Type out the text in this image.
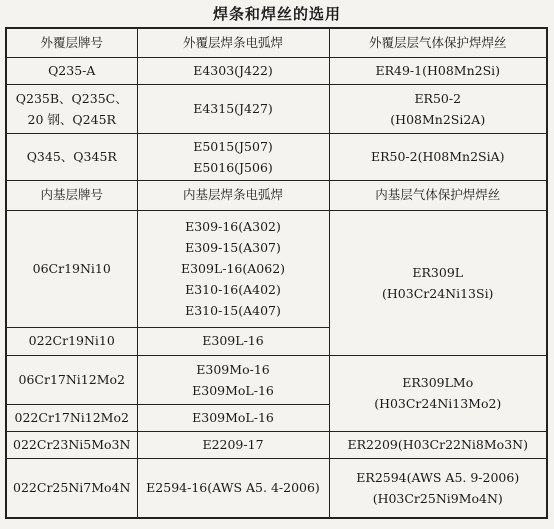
焊条和焊丝的选用
外覆层牌号	外覆层焊条电弧焊	外覆层层气体保护焊焊丝

Q235-A	E4303(J422)	ER49-1(H08Mn2Si)

Q235B、Q235C、
20 钢、Q245R	E4315(J427)	ER50-2
(H08Mn2Si2A)

Q345、Q345R	E5015(J507)
E5016(J506)	ER50-2(H08Mn2SiA)

内基层牌号	内基层焊条电弧焊	内基层气体保护焊焊丝
06Cr19Ni10	E309-16(A302)
E309-15(A307)
E309L-16(A062)
E310-16(A402)
E310-15(A407)	ER309L
(H03Cr24Ni13Si)

022Cr19Ni10	E309L-16	
06Cr17Ni12Mo2	E309Mo-16
E309MoL-16	ER309LMo
(H03Cr24Ni13Mo2)

022Cr17Ni12Mo2	E309MoL-16	
022Cr23Ni5Mo3N	E2209-17	ER2209(H03Cr22Ni8Mo3N)
022Cr25Ni7Mo4N	E2594-16(AWS A5. 4-2006)	ER2594(AWS A5. 9-2006)
(H03Cr25Ni9Mo4N)
